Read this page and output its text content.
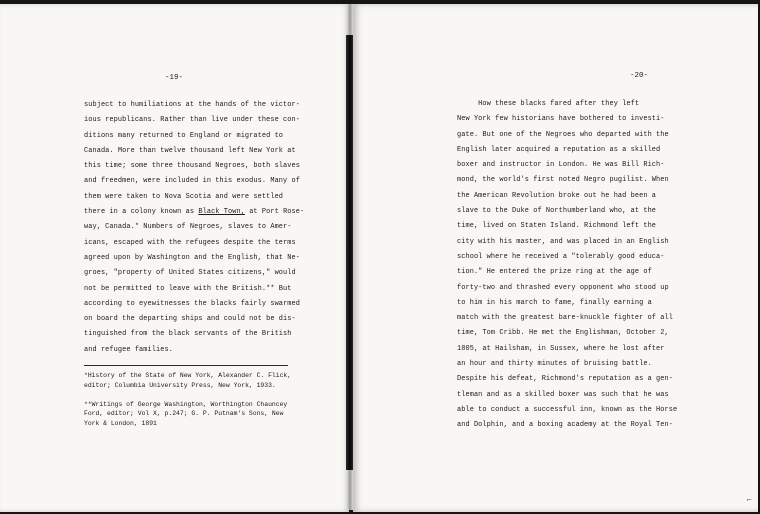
-19-
subject to humiliations at the hands of the victor-
ious republicans. Rather than live under these con-
ditions many returned to England or migrated to
Canada. More than twelve thousand left New York at
this time; some three thousand Negroes, both slaves
and freedmen, were included in this exodus. Many of
them were taken to Nova Scotia and were settled
there in a colony known as Black Town, at Port Rose-
way, Canada.* Numbers of Negroes, slaves to Amer-
icans, escaped with the refugees despite the terms
agreed upon by Washington and the English, that Ne-
groes, "property of United States citizens," would
not be permitted to leave with the British.** But
according to eyewitnesses the blacks fairly swarmed
on board the departing ships and could not be dis-
tinguished from the black servants of the British
and refugee families.
*History of the State of New York, Alexander C. Flick,
editor; Columbia University Press, New York, 1933.
**Writings of George Washington, Worthington Chauncey
Ford, editor; Vol X, p.247; G. P. Putnam's Sons, New
York & London, 1891
-20-
How these blacks fared after they left
New York few historians have bothered to investi-
gate. But one of the Negroes who departed with the
English later acquired a reputation as a skilled
boxer and instructor in London. He was Bill Rich-
mond, the world's first noted Negro pugilist. When
the American Revolution broke out he had been a
slave to the Duke of Northumberland who, at the
time, lived on Staten Island. Richmond left the
city with his master, and was placed in an English
school where he received a "tolerably good educa-
tion." He entered the prize ring at the age of
forty-two and thrashed every opponent who stood up
to him in his march to fame, finally earning a
match with the greatest bare-knuckle fighter of all
time, Tom Cribb. He met the Englishman, October 2,
1805, at Hailsham, in Sussex, where he lost after
an hour and thirty minutes of bruising battle.
Despite his defeat, Richmond's reputation as a gen-
tleman and as a skilled boxer was such that he was
able to conduct a successful inn, known as the Horse
and Dolphin, and a boxing academy at the Royal Ten-
⌐
